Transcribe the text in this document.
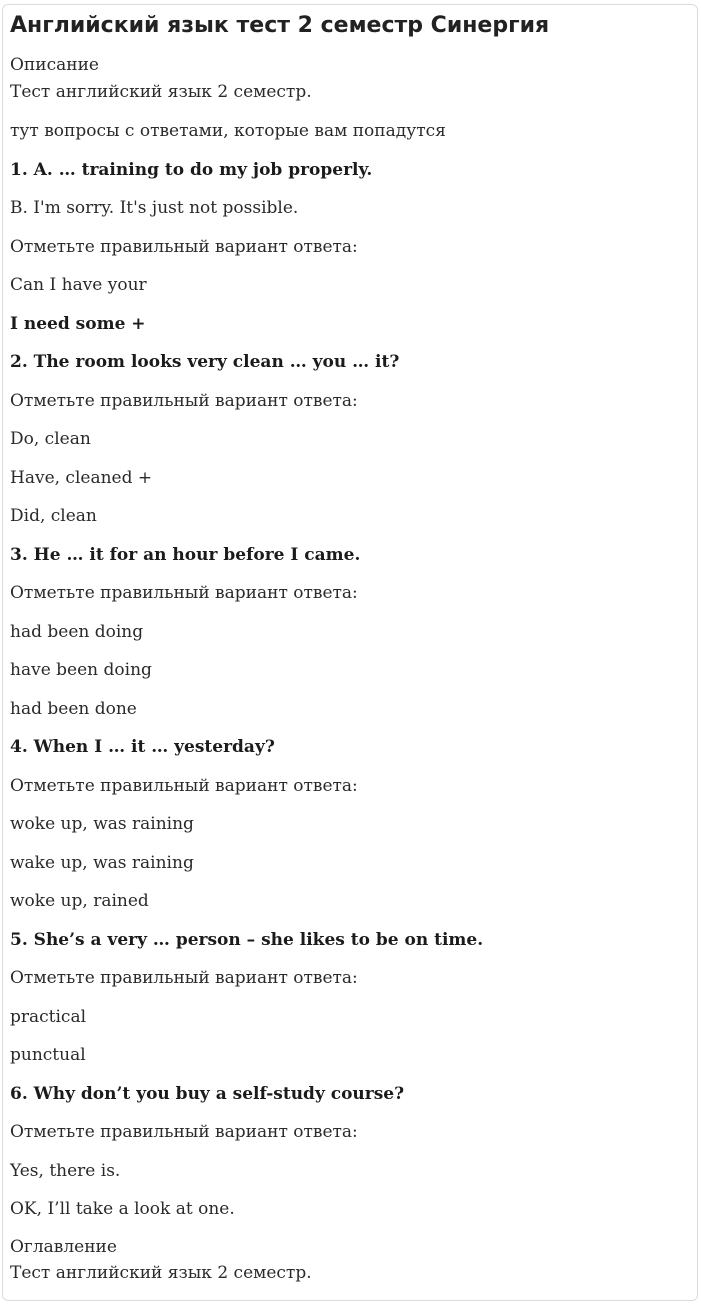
Английский язык тест 2 семестр Синергия
Описание
Тест английский язык 2 семестр.
тут вопросы с ответами, которые вам попадутся
1. A. … training to do my job properly.
B. I'm sorry. It's just not possible.
Отметьте правильный вариант ответа:
Can I have your
I need some +
2. The room looks very clean … you … it?
Отметьте правильный вариант ответа:
Do, clean
Have, cleaned +
Did, clean
3. He … it for an hour before I came.
Отметьте правильный вариант ответа:
had been doing
have been doing
had been done
4. When I … it … yesterday?
Отметьте правильный вариант ответа:
woke up, was raining
wake up, was raining
woke up, rained
5. She’s a very … person – she likes to be on time.
Отметьте правильный вариант ответа:
practical
punctual
6. Why don’t you buy a self-study course?
Отметьте правильный вариант ответа:
Yes, there is.
OK, I’ll take a look at one.
Оглавление
Тест английский язык 2 семестр.
